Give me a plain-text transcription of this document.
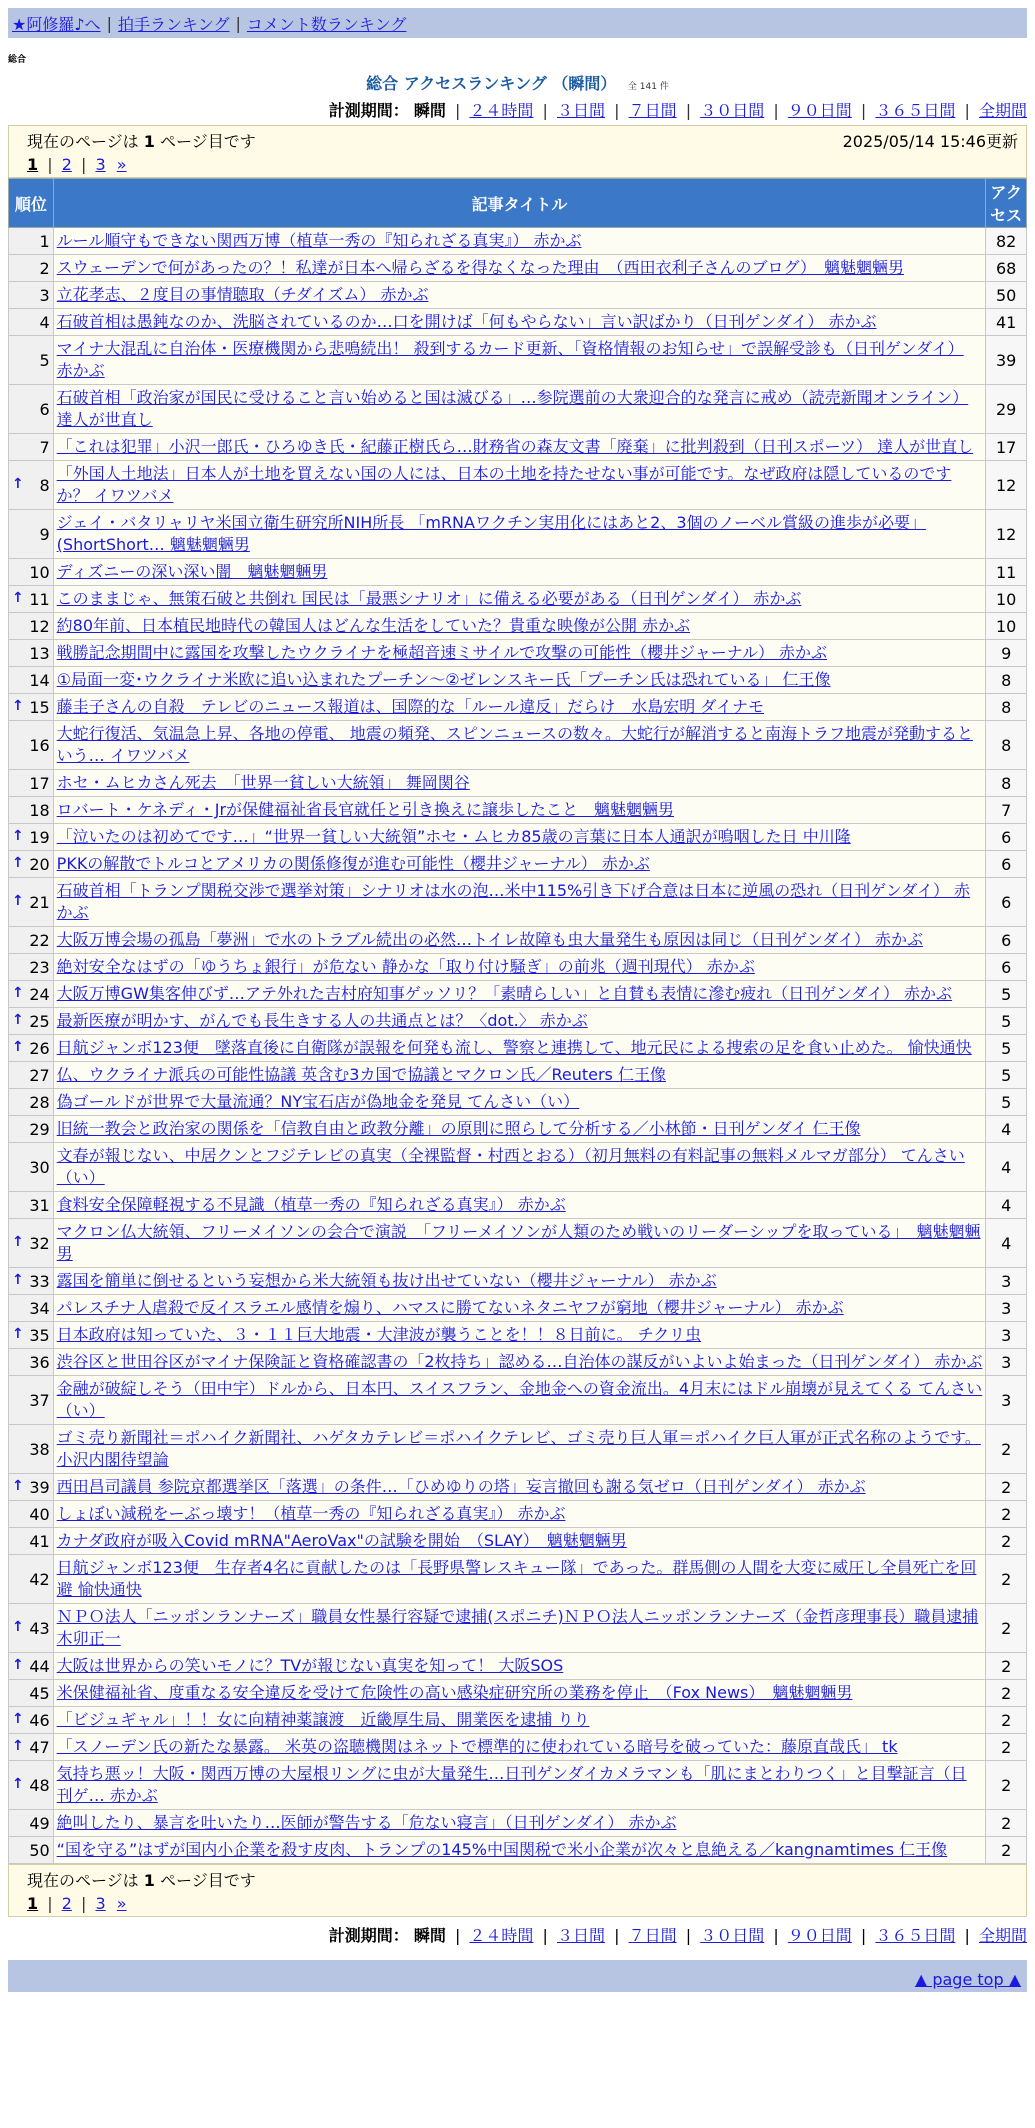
★阿修羅♪へ | 拍手ランキング | コメント数ランキング
総合
総合 アクセスランキング （瞬間） 全 141 件
計測期間： 瞬間 | ２４時間 | ３日間 | ７日間 | ３０日間 | ９０日間 | ３６５日間 | 全期間
現在のページは 1 ページ目です	2025/05/14 15:46更新
1 | 2 | 3 »
順位	記事タイトル	アクセス
1	ルール順守もできない関西万博（植草一秀の『知られざる真実』） 赤かぶ	82
2	スウェーデンで何があったの？！私達が日本へ帰らざるを得なくなった理由　（西田衣利子さんのブログ）　魑魅魍魎男	68
3	立花孝志、２度目の事情聴取（チダイズム） 赤かぶ	50
4	石破首相は愚鈍なのか、洗脳されているのか…口を開けば「何もやらない」言い訳ばかり（日刊ゲンダイ） 赤かぶ	41
5	マイナ大混乱に自治体・医療機関から悲鳴続出！ 殺到するカード更新、「資格情報のお知らせ」で誤解受診も（日刊ゲンダイ） 赤かぶ	39
6	石破首相「政治家が国民に受けること言い始めると国は滅びる」…参院選前の大衆迎合的な発言に戒め（読売新聞オンライン） 達人が世直し	29
7	「これは犯罪」小沢一郎氏・ひろゆき氏・紀藤正樹氏ら…財務省の森友文書「廃棄」に批判殺到（日刊スポーツ） 達人が世直し	17

↑ 8	「外国人土地法」日本人が土地を買えない国の人には、日本の土地を持たせない事が可能です。なぜ政府は隠しているのですか？ イワツバメ	12
9	ジェイ・バタリャリヤ米国立衛生研究所NIH所長 「mRNAワクチン実用化にはあと2、3個のノーベル賞級の進歩が必要」(ShortShort… 魑魅魍魎男	12
10	ディズニーの深い深い闇　魑魅魍魎男	11

↑ 11	このままじゃ、無策石破と共倒れ 国民は「最悪シナリオ」に備える必要がある（日刊ゲンダイ） 赤かぶ	10
12	約80年前、日本植民地時代の韓国人はどんな生活をしていた？貴重な映像が公開 赤かぶ	10
13	戦勝記念期間中に露国を攻撃したウクライナを極超音速ミサイルで攻撃の可能性（櫻井ジャーナル） 赤かぶ	9
14	①局面一変･ウクライナ米欧に追い込まれたプーチン～②ゼレンスキー氏「プーチン氏は恐れている」 仁王像	8

↑ 15	藤圭子さんの自殺　テレビのニュース報道は、国際的な「ルール違反」だらけ　水島宏明 ダイナモ	8
16	大蛇行復活、気温急上昇、各地の停電、 地震の頻発、スピンニュースの数々。大蛇行が解消すると南海トラフ地震が発動するという… イワツバメ	8
17	ホセ・ムヒカさん死去　「世界一貧しい大統領」 舞岡関谷	8
18	ロバート・ケネディ・Jrが保健福祉省長官就任と引き換えに譲歩したこと　魑魅魍魎男	7

↑ 19	「泣いたのは初めてです…」“世界一貧しい大統領”ホセ・ムヒカ85歳の言葉に日本人通訳が嗚咽した日 中川隆	6

↑ 20	PKKの解散でトルコとアメリカの関係修復が進む可能性（櫻井ジャーナル） 赤かぶ	6

↑ 21	石破首相「トランプ関税交渉で選挙対策」シナリオは水の泡…米中115%引き下げ合意は日本に逆風の恐れ（日刊ゲンダイ） 赤かぶ	6
22	大阪万博会場の孤島「夢洲」で水のトラブル続出の必然…トイレ故障も虫大量発生も原因は同じ（日刊ゲンダイ） 赤かぶ	6
23	絶対安全なはずの「ゆうちょ銀行」が危ない 静かな「取り付け騒ぎ」の前兆（週刊現代） 赤かぶ	6

↑ 24	大阪万博GW集客伸びず…アテ外れた吉村府知事ゲッソリ？「素晴らしい」と自賛も表情に滲む疲れ（日刊ゲンダイ） 赤かぶ	5

↑ 25	最新医療が明かす、がんでも長生きする人の共通点とは？〈dot.〉 赤かぶ	5

↑ 26	日航ジャンボ123便　墜落直後に自衛隊が誤報を何発も流し、警察と連携して、地元民による捜索の足を食い止めた。 愉快通快	5
27	仏、ウクライナ派兵の可能性協議 英含む3カ国で協議とマクロン氏／Reuters 仁王像	5
28	偽ゴールドが世界で大量流通？NY宝石店が偽地金を発見 てんさい（い）	5
29	旧統一教会と政治家の関係を「信教自由と政教分離」の原則に照らして分析する／小林節・日刊ゲンダイ 仁王像	4
30	文春が報じない、中居クンとフジテレビの真実（全裸監督・村西とおる）（初月無料の有料記事の無料メルマガ部分） てんさい（い）	4
31	食料安全保障軽視する不見識（植草一秀の『知られざる真実』） 赤かぶ	4

↑ 32	マクロン仏大統領、フリーメイソンの会合で演説　「フリーメイソンが人類のため戦いのリーダーシップを取っている」　魑魅魍魎男	4

↑ 33	露国を簡単に倒せるという妄想から米大統領も抜け出せていない（櫻井ジャーナル） 赤かぶ	3
34	パレスチナ人虐殺で反イスラエル感情を煽り、ハマスに勝てないネタニヤフが窮地（櫻井ジャーナル） 赤かぶ	3

↑ 35	日本政府は知っていた、３・１１巨大地震・大津波が襲うことを！！８日前に。 チクリ虫	3
36	渋谷区と世田谷区がマイナ保険証と資格確認書の「2枚持ち」認める…自治体の謀反がいよいよ始まった（日刊ゲンダイ） 赤かぶ	3
37	金融が破綻しそう（田中宇）ドルから、日本円、スイスフラン、金地金への資金流出。4月末にはドル崩壊が見えてくる てんさい（い）	3
38	ゴミ売り新聞社＝ポハイク新聞社、ハゲタカテレビ＝ポハイクテレビ、ゴミ売り巨人軍＝ポハイク巨人軍が正式名称のようです。 小沢内閣待望論	2

↑ 39	西田昌司議員 参院京都選挙区「落選」の条件…「ひめゆりの塔」妄言撤回も謝る気ゼロ（日刊ゲンダイ） 赤かぶ	2
40	しょぼい減税をーぶっ壊す！（植草一秀の『知られざる真実』） 赤かぶ	2
41	カナダ政府が吸入Covid mRNA"AeroVax"の試験を開始　（SLAY）　魑魅魍魎男	2
42	日航ジャンボ123便　生存者4名に貢献したのは「長野県警レスキュー隊」であった。群馬側の人間を大変に威圧し全員死亡を回避 愉快通快	2

↑ 43	ＮＰＯ法人「ニッポンランナーズ」職員女性暴行容疑で逮捕(スポニチ)ＮＰＯ法人ニッポンランナーズ（金哲彦理事長）職員逮捕 木卯正一	2

↑ 44	大阪は世界からの笑いモノに？TVが報じない真実を知って！ 大阪SOS	2
45	米保健福祉省、度重なる安全違反を受けて危険性の高い感染症研究所の業務を停止　（Fox News）　魑魅魍魎男	2

↑ 46	「ビジュギャル」！！女に向精神薬譲渡　近畿厚生局、開業医を逮捕 りり	2

↑ 47	「スノーデン氏の新たな暴露。 米英の盗聴機関はネットで標準的に使われている暗号を破っていた：藤原直哉氏」 tk	2

↑ 48	気持ち悪ッ！大阪・関西万博の大屋根リングに虫が大量発生…日刊ゲンダイカメラマンも「肌にまとわりつく」と目撃証言（日刊ゲ… 赤かぶ	2
49	絶叫したり、暴言を吐いたり…医師が警告する「危ない寝言」（日刊ゲンダイ） 赤かぶ	2
50	“国を守る”はずが国内小企業を殺す皮肉、トランプの145%中国関税で米小企業が次々と息絶える／kangnamtimes 仁王像	2
現在のページは 1 ページ目です
1 | 2 | 3 »
計測期間： 瞬間 | ２４時間 | ３日間 | ７日間 | ３０日間 | ９０日間 | ３６５日間 | 全期間
▲ page top ▲
